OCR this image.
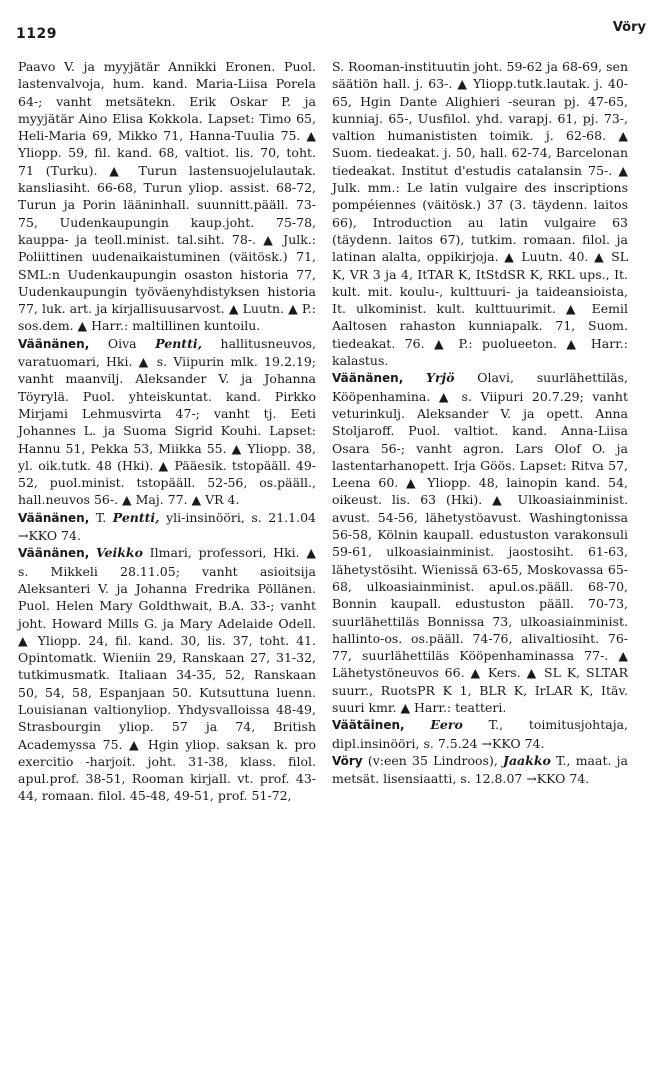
1129	Vöry

Paavo V. ja myyjätär Annikki Eronen. Puol. lastenvalvoja, hum. kand. Maria-Liisa Porela 64-; vanht metsätekn. Erik Oskar P. ja myyjätär Aino Elisa Kokkola. Lapset: Timo 65, Heli-Maria 69, Mikko 71, Hanna-Tuulia 75. ▲ Yliopp. 59, fil. kand. 68, valtiot. lis. 70, toht. 71 (Turku). ▲ Turun lastensuojelulautak. kansliasiht. 66-68, Turun yliop. assist. 68-72, Turun ja Porin lääninhall. suunnitt.pääll. 73-75, Uudenkaupungin kaup.joht. 75-78, kauppa- ja teoll.minist. tal.siht. 78-. ▲ Julk.: Poliittinen uudenaikaistuminen (väitösk.) 71, SML:n Uudenkaupungin osaston historia 77, Uudenkaupungin työväenyhdistyksen historia 77, luk. art. ja kirjallisuusarvost. ▲ Luutn. ▲ P.: sos.dem. ▲ Harr.: maltillinen kuntoilu.

Väänänen, Oiva Pentti, hallitusneuvos, varatuomari, Hki. ▲ s. Viipurin mlk. 19.2.19; vanht maanvilj. Aleksander V. ja Johanna Töyrylä. Puol. yhteiskuntat. kand. Pirkko Mirjami Lehmusvirta 47-; vanht tj. Eeti Johannes L. ja Suoma Sigrid Kouhi. Lapset: Hannu 51, Pekka 53, Miikka 55. ▲ Yliopp. 38, yl. oik.tutk. 48 (Hki). ▲ Pääesik. tstopääll. 49-52, puol.minist. tstopääll. 52-56, os.pääll., hall.neuvos 56-. ▲ Maj. 77. ▲ VR 4.

Väänänen, T. Pentti, yli-insinööri, s. 21.1.04 →KKO 74.

Väänänen, Veikko Ilmari, professori, Hki. ▲ s. Mikkeli 28.11.05; vanht asioitsija Aleksanteri V. ja Johanna Fredrika Pöllänen. Puol. Helen Mary Goldthwait, B.A. 33-; vanht joht. Howard Mills G. ja Mary Adelaide Odell. ▲ Yliopp. 24, fil. kand. 30, lis. 37, toht. 41. Opintomatk. Wieniin 29, Ranskaan 27, 31-32, tutkimusmatk. Italiaan 34-35, 52, Ranskaan 50, 54, 58, Espanjaan 50. Kutsuttuna luenn. Louisianan valtionyliop. Yhdysvalloissa 48-49, Strasbourgin yliop. 57 ja 74, British Academyssa 75. ▲ Hgin yliop. saksan k. pro exercitio -harjoit. joht. 31-38, klass. filol. apul.prof. 38-51, Rooman kirjall. vt. prof. 43-44, romaan. filol. 45-48, 49-51, prof. 51-72,

S. Rooman-instituutin joht. 59-62 ja 68-69, sen säätiön hall. j. 63-. ▲ Yliopp.tutk.lautak. j. 40-65, Hgin Dante Alighieri -seuran pj. 47-65, kunniaj. 65-, Uusfilol. yhd. varapj. 61, pj. 73-, valtion humanististen toimik. j. 62-68. ▲ Suom. tiedeakat. j. 50, hall. 62-74, Barcelonan tiedeakat. Institut d'estudis catalansin 75-. ▲ Julk. mm.: Le latin vulgaire des inscriptions pompéiennes (väitösk.) 37 (3. täydenn. laitos 66), Introduction au latin vulgaire 63 (täydenn. laitos 67), tutkim. romaan. filol. ja latinan alalta, oppikirjoja. ▲ Luutn. 40. ▲ SL K, VR 3 ja 4, ItTAR K, ItStdSR K, RKL ups., It. kult. mit. koulu-, kulttuuri- ja taideansioista, It. ulkominist. kult. kulttuurimit. ▲ Eemil Aaltosen rahaston kunniapalk. 71, Suom. tiedeakat. 76. ▲ P.: puolueeton. ▲ Harr.: kalastus.

Väänänen, Yrjö Olavi, suurlähettiläs, Kööpenhamina. ▲ s. Viipuri 20.7.29; vanht veturinkulj. Aleksander V. ja opett. Anna Stoljaroff. Puol. valtiot. kand. Anna-Liisa Osara 56-; vanht agron. Lars Olof O. ja lastentarhanopett. Irja Göös. Lapset: Ritva 57, Leena 60. ▲ Yliopp. 48, lainopin kand. 54, oikeust. lis. 63 (Hki). ▲ Ulkoasiainminist. avust. 54-56, lähetystöavust. Washingtonissa 56-58, Kölnin kaupall. edustuston varakonsuli 59-61, ulkoasiainminist. jaostosiht. 61-63, lähetystösiht. Wienissä 63-65, Moskovassa 65-68, ulkoasiainminist. apul.os.pääll. 68-70, Bonnin kaupall. edustuston pääll. 70-73, suurlähettiläs Bonnissa 73, ulkoasiainminist. hallinto-os. os.pääll. 74-76, alivaltiosiht. 76-77, suurlähettiläs Kööpenhaminassa 77-. ▲ Lähetystöneuvos 66. ▲ Kers. ▲ SL K, SLTAR suurr., RuotsPR K 1, BLR K, IrLAR K, Itäv. suuri kmr. ▲ Harr.: teatteri.

Väätäinen, Eero T., toimitusjohtaja, dipl.insinööri, s. 7.5.24 →KKO 74.

Vöry (v:een 35 Lindroos), Jaakko T., maat. ja metsät. lisensiaatti, s. 12.8.07 →KKO 74.
